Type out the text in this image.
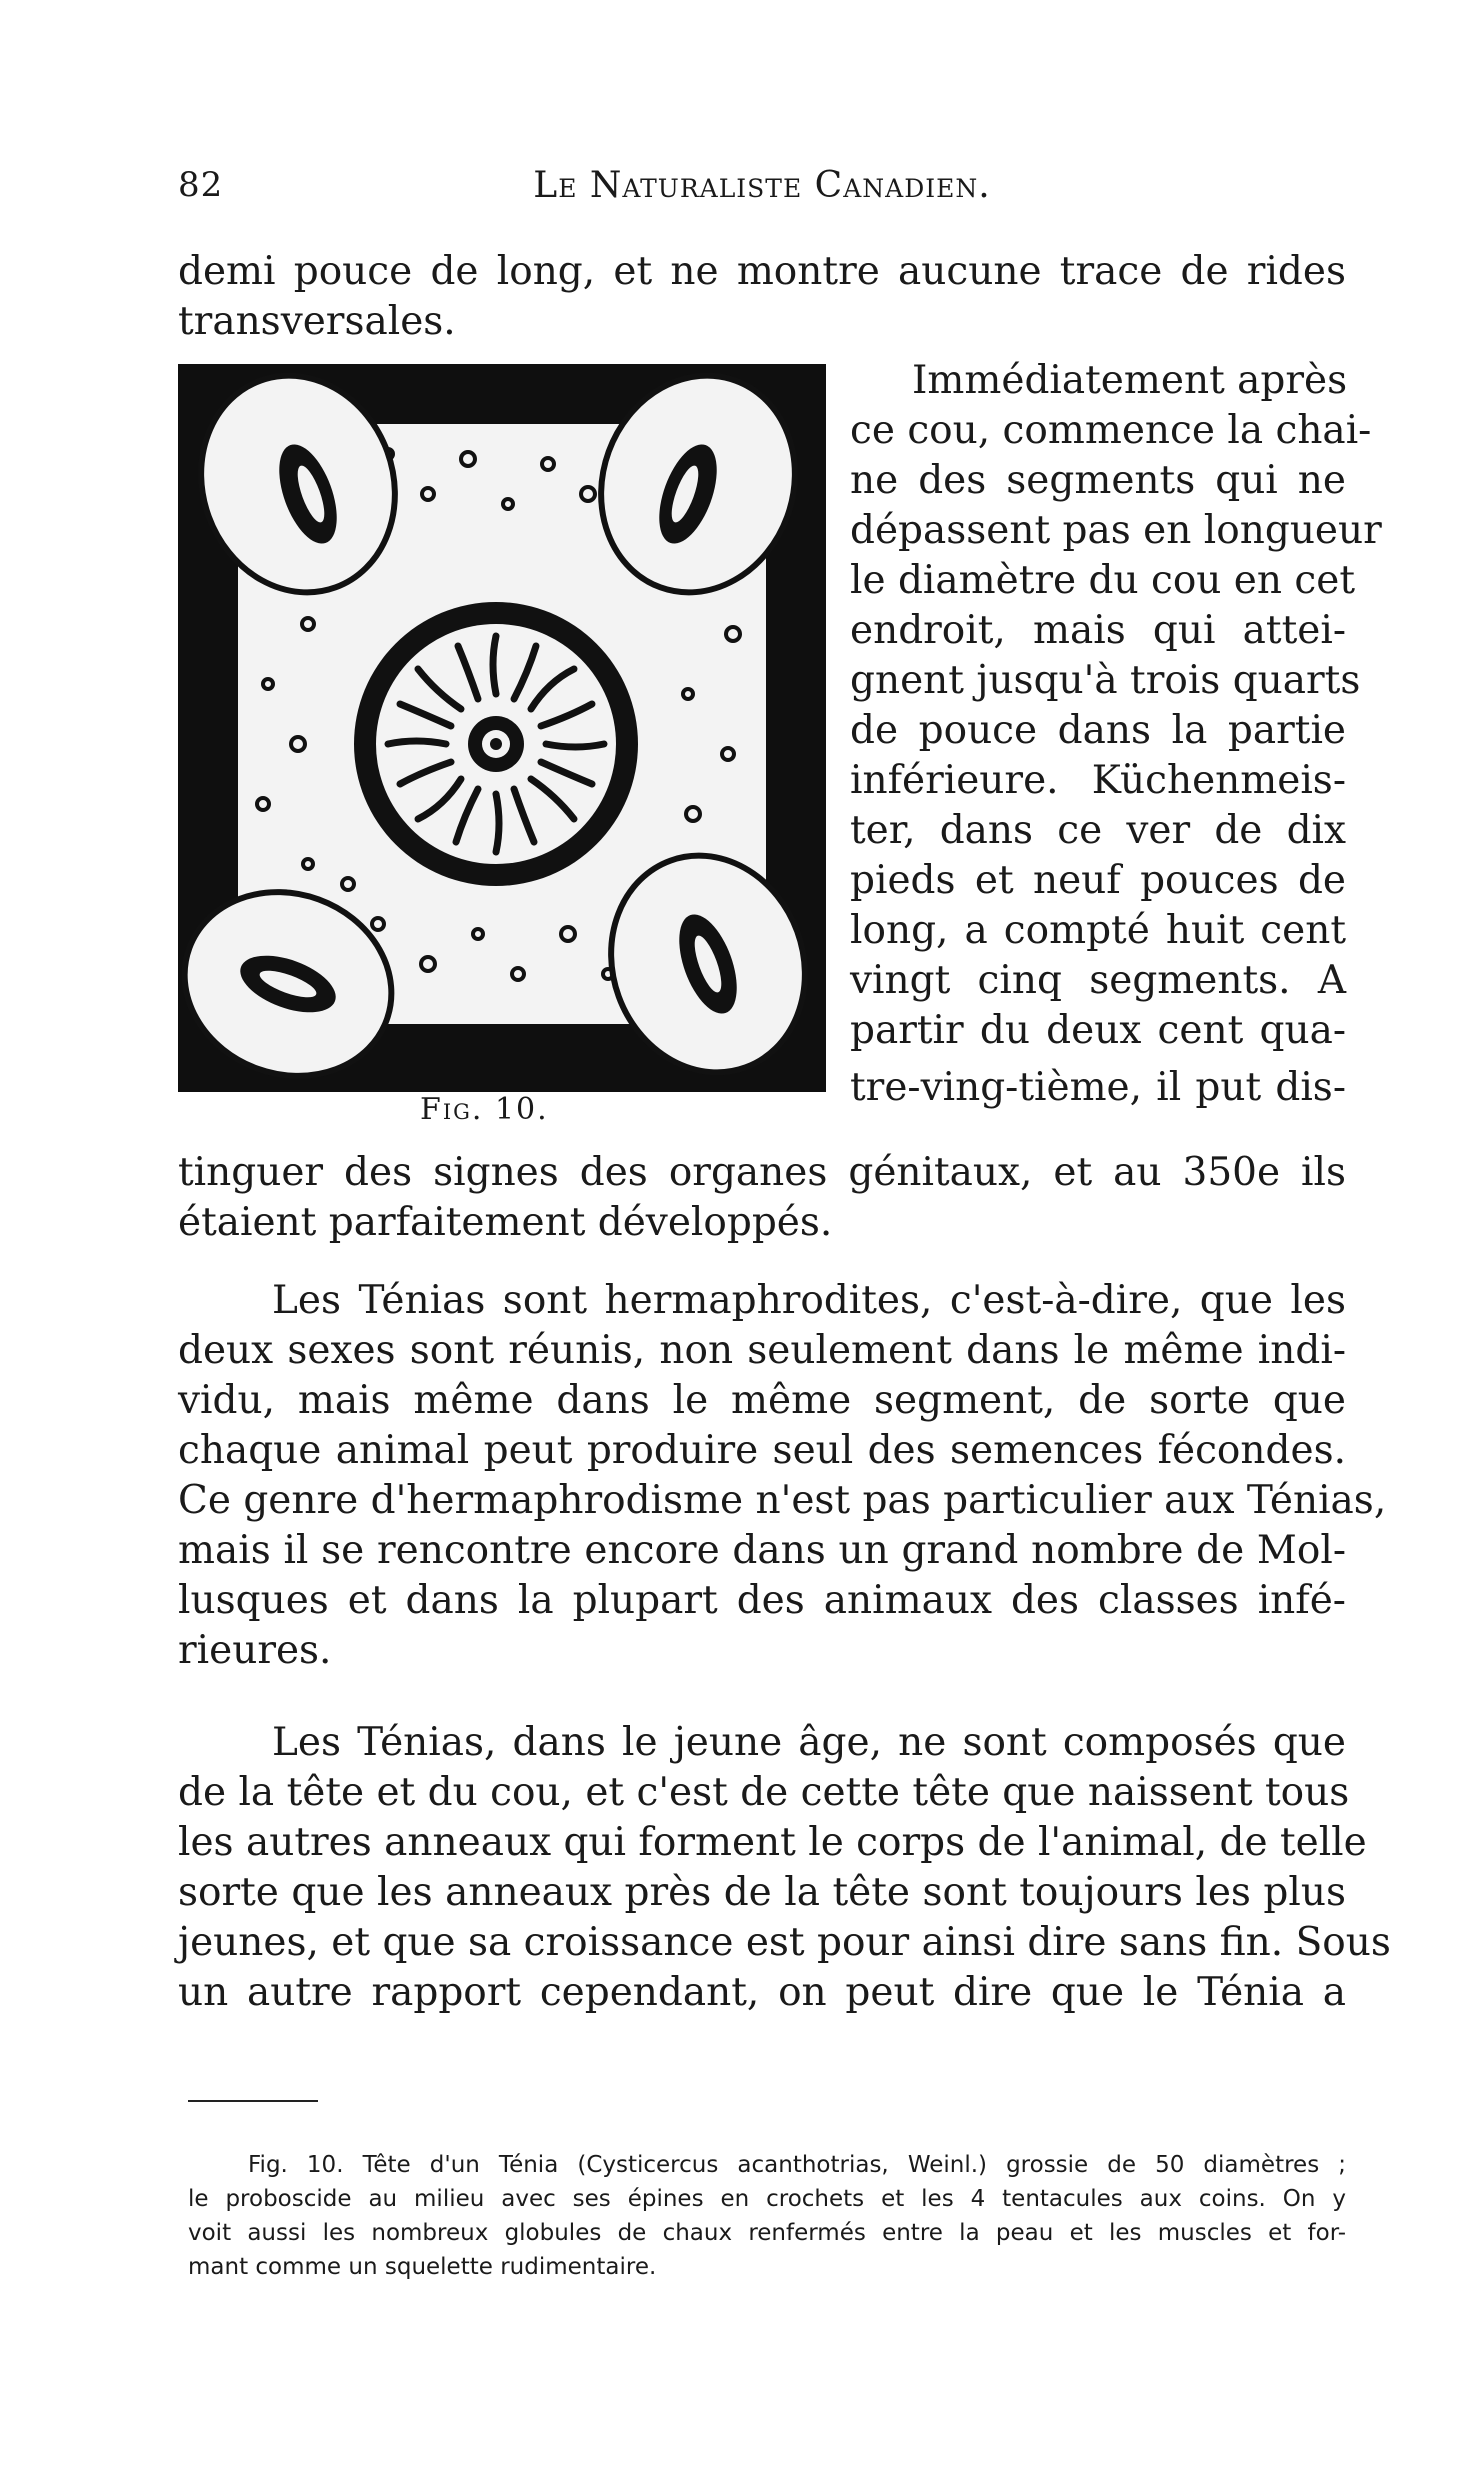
82	Le Naturaliste Canadien.
demi pouce de long, et ne montre aucune trace de rides
transversales.
Fig. 10.
Immédiatement après
ce cou, commence la chai-
ne des segments qui ne
dépassent pas en longueur
le diamètre du cou en cet
endroit, mais qui attei-
gnent jusqu'à trois quarts
de pouce dans la partie
inférieure. Küchenmeis-
ter, dans ce ver de dix
pieds et neuf pouces de
long, a compté huit cent
vingt cinq segments. A
partir du deux cent qua-
tre-ving-tième, il put dis-
tinguer des signes des organes génitaux, et au 350e ils
étaient parfaitement développés.
Les Ténias sont hermaphrodites, c'est-à-dire, que les
deux sexes sont réunis, non seulement dans le même indi-
vidu, mais même dans le même segment, de sorte que
chaque animal peut produire seul des semences fécondes.
Ce genre d'hermaphrodisme n'est pas particulier aux Ténias,
mais il se rencontre encore dans un grand nombre de Mol-
lusques et dans la plupart des animaux des classes infé-
rieures.
Les Ténias, dans le jeune âge, ne sont composés que
de la tête et du cou, et c'est de cette tête que naissent tous
les autres anneaux qui forment le corps de l'animal, de telle
sorte que les anneaux près de la tête sont toujours les plus
jeunes, et que sa croissance est pour ainsi dire sans fin. Sous
un autre rapport cependant, on peut dire que le Ténia a
Fig. 10. Tête d'un Ténia (Cysticercus acanthotrias, Weinl.) grossie de 50 diamètres ;
le proboscide au milieu avec ses épines en crochets et les 4 tentacules aux coins. On y
voit aussi les nombreux globules de chaux renfermés entre la peau et les muscles et for-
mant comme un squelette rudimentaire.
